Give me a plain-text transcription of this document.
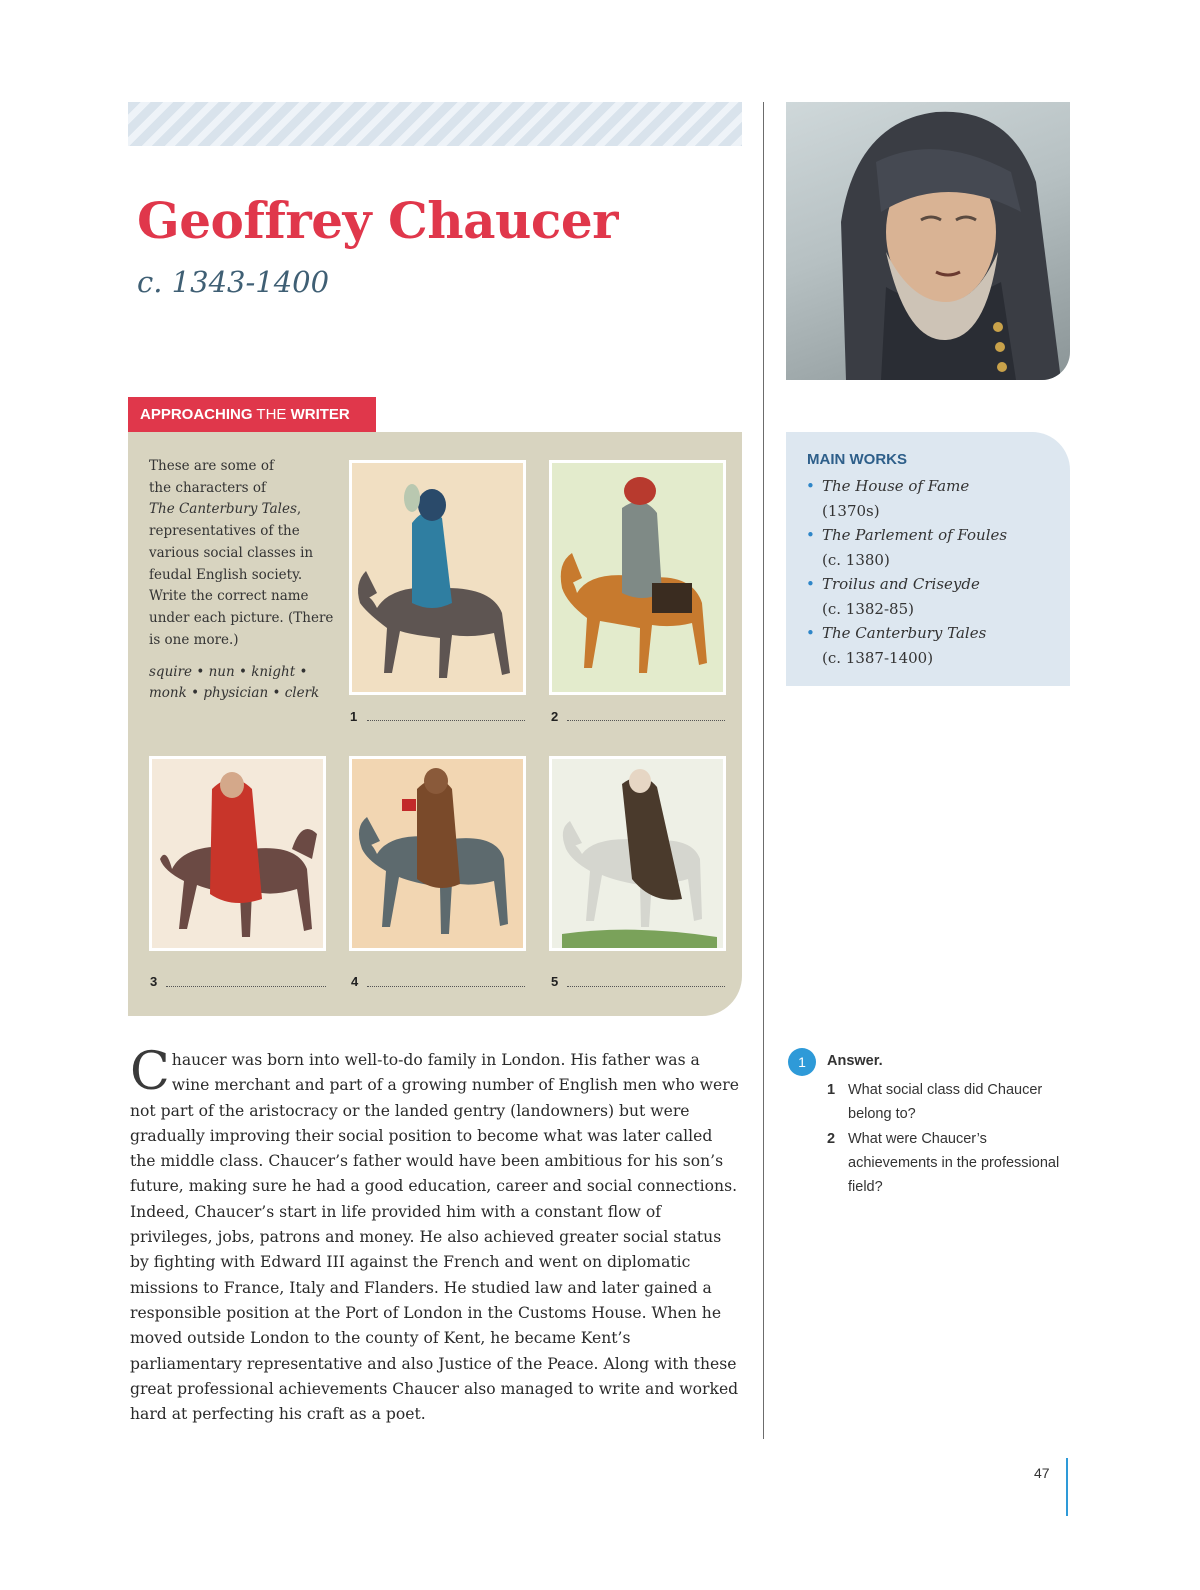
Geoffrey Chaucer
c. 1343-1400
APPROACHING THE WRITER

These are some of

the characters of

The Canterbury Tales,

representatives of the various social classes in feudal English society. Write the correct name under each picture. (There is one more.)

squire • nun • knight •
monk • physician • clerk
1	2
3	4	5
MAIN WORKS
• The House of Fame
(1370s)
• The Parlement of Foules
(c. 1380)
• Troilus and Criseyde
(c. 1382-85)
• The Canterbury Tales
(c. 1387-1400)

Chaucer was born into well-to-do family in London. His father was a wine merchant and part of a growing number of English men who were not part of the aristocracy or the landed gentry (landowners) but were gradually improving their social position to become what was later called the middle class. Chaucer’s father would have been ambitious for his son’s future, making sure he had a good education, career and social connections. Indeed, Chaucer’s start in life provided him with a constant flow of privileges, jobs, patrons and money. He also achieved greater social status by fighting with Edward III against the French and went on diplomatic missions to France, Italy and Flanders. He studied law and later gained a responsible position at the Port of London in the Customs House. When he moved outside London to the county of Kent, he became Kent’s parliamentary representative and also Justice of the Peace. Along with these great professional achievements Chaucer also managed to write and worked hard at perfecting his craft as a poet.

1	Answer.
1 What social class did Chaucer belong to?
2 What were Chaucer’s achievements in the professional field?
47
